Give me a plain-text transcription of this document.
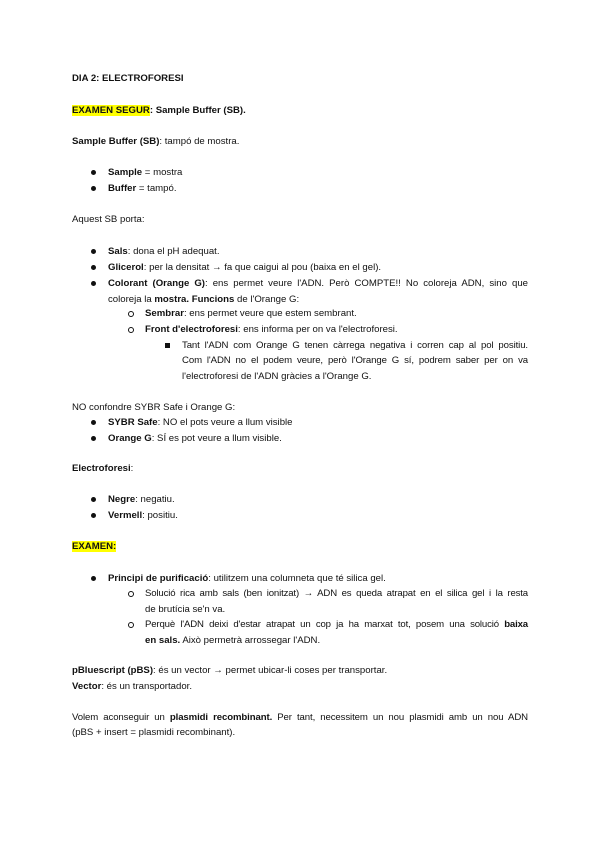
DIA 2: ELECTROFORESI
EXAMEN SEGUR: Sample Buffer (SB).
Sample Buffer (SB): tampó de mostra.
Sample = mostra
Buffer = tampó.
Aquest SB porta:
Sals: dona el pH adequat.
Glicerol: per la densitat → fa que caigui al pou (baixa en el gel).
Colorant (Orange G): ens permet veure l'ADN. Però COMPTE!! No coloreja ADN, sino que
coloreja la mostra. Funcions de l'Orange G:
Sembrar: ens permet veure que estem sembrant.
Front d'electroforesi: ens informa per on va l'electroforesi.
Tant l'ADN com Orange G tenen càrrega negativa i corren cap al pol positiu.
Com l'ADN no el podem veure, però l'Orange G sí, podrem saber per on va
l'electroforesi de l'ADN gràcies a l'Orange G.
NO confondre SYBR Safe i Orange G:
SYBR Safe: NO el pots veure a llum visible
Orange G: SÍ es pot veure a llum visible.
Electroforesi:
Negre: negatiu.
Vermell: positiu.
EXAMEN:
Principi de purificació: utilitzem una columneta que té silica gel.
Solució rica amb sals (ben ionitzat) → ADN es queda atrapat en el silica gel i la resta
de brutícia se'n va.
Perquè l'ADN deixi d'estar atrapat un cop ja ha marxat tot, posem una solució baixa
en sals. Això permetrà arrossegar l'ADN.
pBluescript (pBS): és un vector → permet ubicar-li coses per transportar.
Vector: és un transportador.
Volem aconseguir un plasmidi recombinant. Per tant, necessitem un nou plasmidi amb un nou ADN
(pBS + insert = plasmidi recombinant).
